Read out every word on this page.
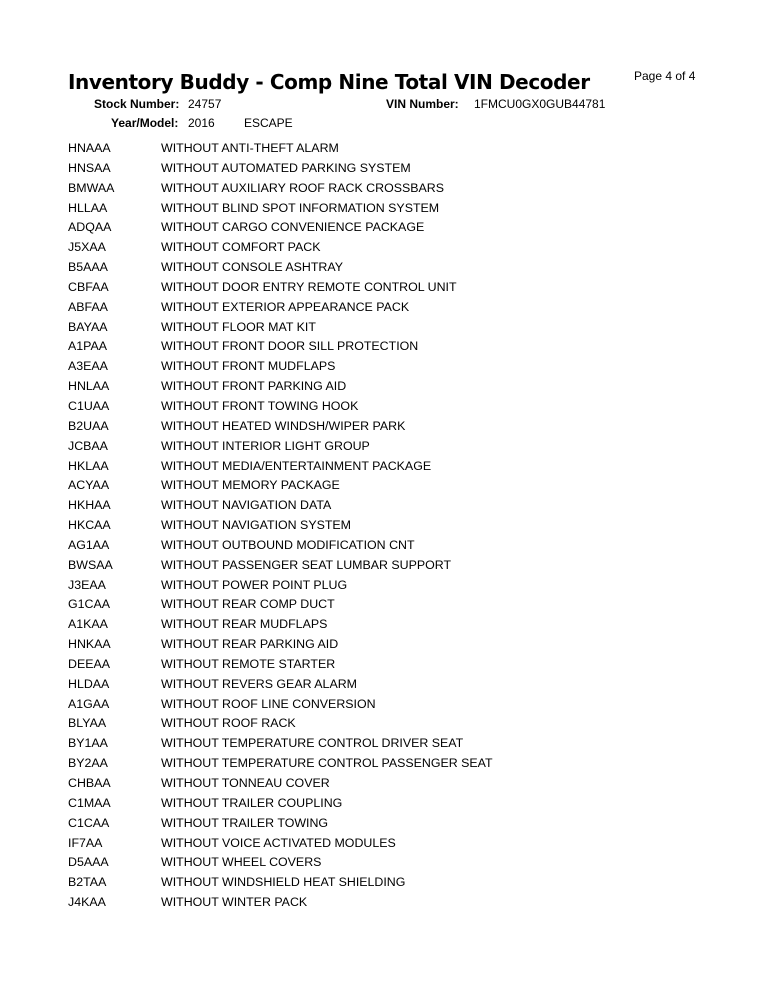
Inventory Buddy - Comp Nine Total VIN Decoder	Page 4 of 4
Stock Number: 24757	VIN Number: 1FMCU0GX0GUB44781
Year/Model: 2016 ESCAPE
HNAAA	WITHOUT ANTI-THEFT ALARM
HNSAA	WITHOUT AUTOMATED PARKING SYSTEM
BMWAA	WITHOUT AUXILIARY ROOF RACK CROSSBARS
HLLAA	WITHOUT BLIND SPOT INFORMATION SYSTEM
ADQAA	WITHOUT CARGO CONVENIENCE PACKAGE
J5XAA	WITHOUT COMFORT PACK
B5AAA	WITHOUT CONSOLE ASHTRAY
CBFAA	WITHOUT DOOR ENTRY REMOTE CONTROL UNIT
ABFAA	WITHOUT EXTERIOR APPEARANCE PACK
BAYAA	WITHOUT FLOOR MAT KIT
A1PAA	WITHOUT FRONT DOOR SILL PROTECTION
A3EAA	WITHOUT FRONT MUDFLAPS
HNLAA	WITHOUT FRONT PARKING AID
C1UAA	WITHOUT FRONT TOWING HOOK
B2UAA	WITHOUT HEATED WINDSH/WIPER PARK
JCBAA	WITHOUT INTERIOR LIGHT GROUP
HKLAA	WITHOUT MEDIA/ENTERTAINMENT PACKAGE
ACYAA	WITHOUT MEMORY PACKAGE
HKHAA	WITHOUT NAVIGATION DATA
HKCAA	WITHOUT NAVIGATION SYSTEM
AG1AA	WITHOUT OUTBOUND MODIFICATION CNT
BWSAA	WITHOUT PASSENGER SEAT LUMBAR SUPPORT
J3EAA	WITHOUT POWER POINT PLUG
G1CAA	WITHOUT REAR COMP DUCT
A1KAA	WITHOUT REAR MUDFLAPS
HNKAA	WITHOUT REAR PARKING AID
DEEAA	WITHOUT REMOTE STARTER
HLDAA	WITHOUT REVERS GEAR ALARM
A1GAA	WITHOUT ROOF LINE CONVERSION
BLYAA	WITHOUT ROOF RACK
BY1AA	WITHOUT TEMPERATURE CONTROL DRIVER SEAT
BY2AA	WITHOUT TEMPERATURE CONTROL PASSENGER SEAT
CHBAA	WITHOUT TONNEAU COVER
C1MAA	WITHOUT TRAILER COUPLING
C1CAA	WITHOUT TRAILER TOWING
IF7AA	WITHOUT VOICE ACTIVATED MODULES
D5AAA	WITHOUT WHEEL COVERS
B2TAA	WITHOUT WINDSHIELD HEAT SHIELDING
J4KAA	WITHOUT WINTER PACK
